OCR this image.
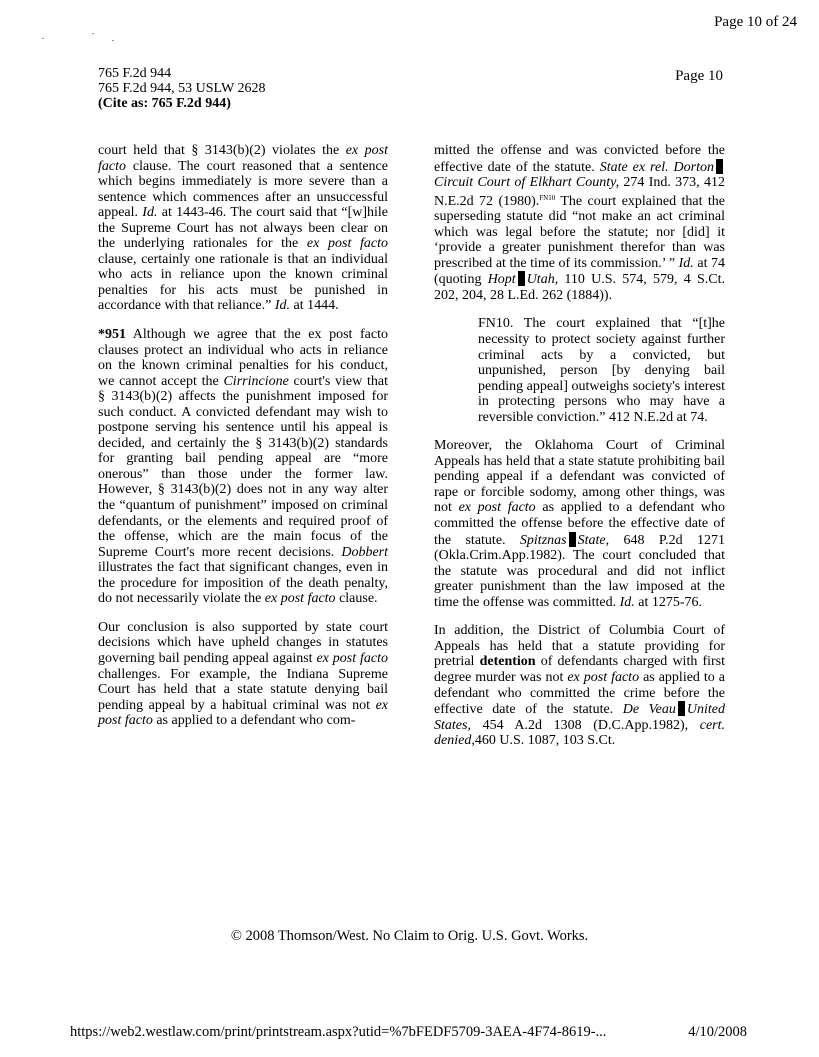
Page 10 of 24
765 F.2d 944
765 F.2d 944, 53 USLW 2628
(Cite as: 765 F.2d 944)
Page 10

court held that § 3143(b)(2) violates the ex post facto clause. The court reasoned that a sentence which begins immediately is more severe than a sentence which commences after an unsuccessful appeal. Id. at 1443-46. The court said that “[w]hile the Supreme Court has not always been clear on the underlying rationales for the ex post facto clause, certainly one rationale is that an individual who acts in reliance upon the known criminal penalties for his acts must be punished in accordance with that reliance.” Id. at 1444.

*951 Although we agree that the ex post facto clauses protect an individual who acts in reliance on the known criminal penalties for his conduct, we cannot accept the Cirrincione court's view that § 3143(b)(2) affects the punishment imposed for such conduct. A convicted defendant may wish to postpone serving his sentence until his appeal is decided, and certainly the § 3143(b)(2) standards for granting bail pending appeal are “more onerous” than those under the former law. However, § 3143(b)(2) does not in any way alter the “quantum of punishment” imposed on criminal defendants, or the elements and required proof of the offense, which are the main focus of the Supreme Court's more recent decisions. Dobbert illustrates the fact that significant changes, even in the procedure for imposition of the death penalty, do not necessarily violate the ex post facto clause.

Our conclusion is also supported by state court decisions which have upheld changes in statutes governing bail pending appeal against ex post facto challenges. For example, the Indiana Supreme Court has held that a state statute denying bail pending appeal by a habitual criminal was not ex post facto as applied to a defendant who com-

mitted the offense and was convicted before the effective date of the statute. State ex rel. DortonCircuit Court of Elkhart County, 274 Ind. 373, 412 N.E.2d 72 (1980).$^{FN10}$ The court explained that the superseding statute did “not make an act criminal which was legal before the statute; nor [did] it ‘provide a greater punishment therefor than was prescribed at the time of its commission.’ ” Id. at 74 (quoting Hopt Utah, 110 U.S. 574, 579, 4 S.Ct. 202, 204, 28 L.Ed. 262 (1884)).

FN10. The court explained that “[t]he necessity to protect society against further criminal acts by a convicted, but unpunished, person [by denying bail pending appeal] outweighs society's interest in protecting persons who may have a reversible conviction.” 412 N.E.2d at 74.

Moreover, the Oklahoma Court of Criminal Appeals has held that a state statute prohibiting bail pending appeal if a defendant was convicted of rape or forcible sodomy, among other things, was not ex post facto as applied to a defendant who committed the offense before the effective date of the statute. Spitznas State, 648 P.2d 1271 (Okla.Crim.App.1982). The court concluded that the statute was procedural and did not inflict greater punishment than the law imposed at the time the offense was committed. Id. at 1275-76.

In addition, the District of Columbia Court of Appeals has held that a statute providing for pretrial detention of defendants charged with first degree murder was not ex post facto as applied to a defendant who committed the crime before the effective date of the statute. De Veau United States, 454 A.2d 1308 (D.C.App.1982), cert. denied,460 U.S. 1087, 103 S.Ct.

© 2008 Thomson/West. No Claim to Orig. U.S. Govt. Works.
https://web2.westlaw.com/print/printstream.aspx?utid=%7bFEDF5709-3AEA-4F74-8619-...	4/10/2008
